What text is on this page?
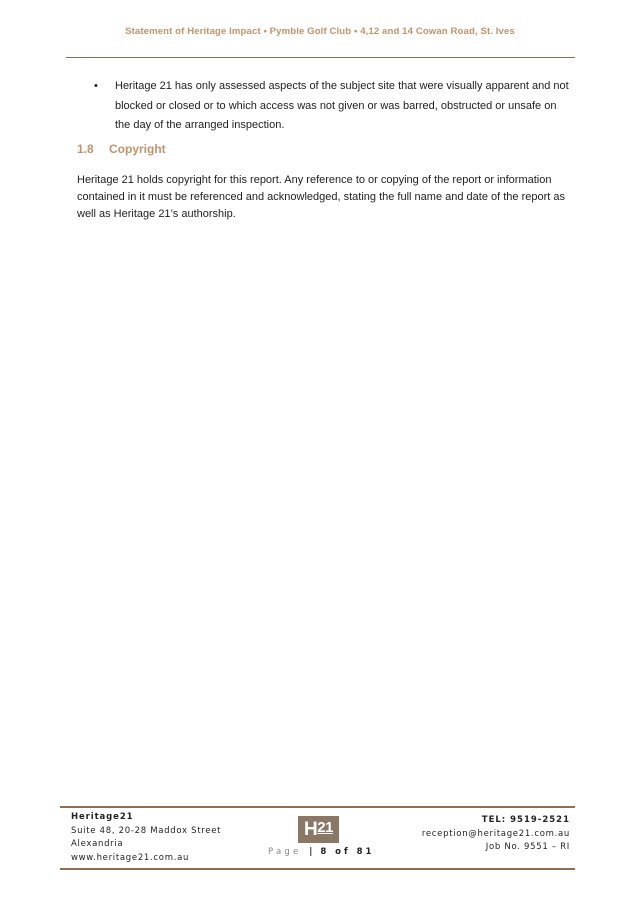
Statement of Heritage Impact • Pymble Golf Club • 4,12 and 14 Cowan Road, St. Ives
• Heritage 21 has only assessed aspects of the subject site that were visually apparent and not blocked or closed or to which access was not given or was barred, obstructed or unsafe on the day of the arranged inspection.
1.8 Copyright

Heritage 21 holds copyright for this report. Any reference to or copying of the report or information contained in it must be referenced and acknowledged, stating the full name and date of the report as well as Heritage 21’s authorship.

Heritage21
Suite 48, 20-28 Maddox Street
Alexandria
www.heritage21.com.au
H21
Page | 8 of 81
TEL: 9519-2521
reception@heritage21.com.au
Job No. 9551 – RI
